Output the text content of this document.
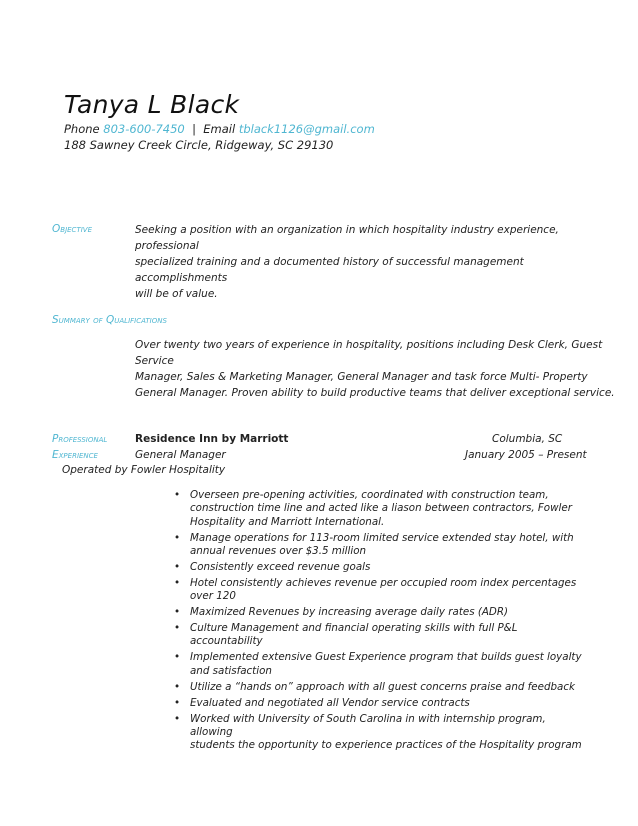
Tanya L Black
Phone 803-600-7450 | Email tblack1126@gmail.com
188 Sawney Creek Circle, Ridgeway, SC 29130
Objective	Seeking a position with an organization in which hospitality industry experience, professional
specialized training and a documented history of successful management accomplishments
will be of value.
Summary of Qualifications
Over twenty two years of experience in hospitality, positions including Desk Clerk, Guest Service
Manager, Sales & Marketing Manager, General Manager and task force Multi- Property
General Manager. Proven ability to build productive teams that deliver exceptional service.
Professional
Experience
Residence Inn by Marriott	Columbia, SC
General Manager	January 2005 – Present
Operated by Fowler Hospitality
• Overseen pre-opening activities, coordinated with construction team,
construction time line and acted like a liason between contractors, Fowler
Hospitality and Marriott International.
• Manage operations for 113-room limited service extended stay hotel, with
annual revenues over $3.5 million
• Consistently exceed revenue goals
• Hotel consistently achieves revenue per occupied room index percentages
over 120
• Maximized Revenues by increasing average daily rates (ADR)
• Culture Management and financial operating skills with full P&L
accountability
• Implemented extensive Guest Experience program that builds guest loyalty
and satisfaction
• Utilize a “hands on” approach with all guest concerns praise and feedback
• Evaluated and negotiated all Vendor service contracts
• Worked with University of South Carolina in with internship program, allowing
students the opportunity to experience practices of the Hospitality program
